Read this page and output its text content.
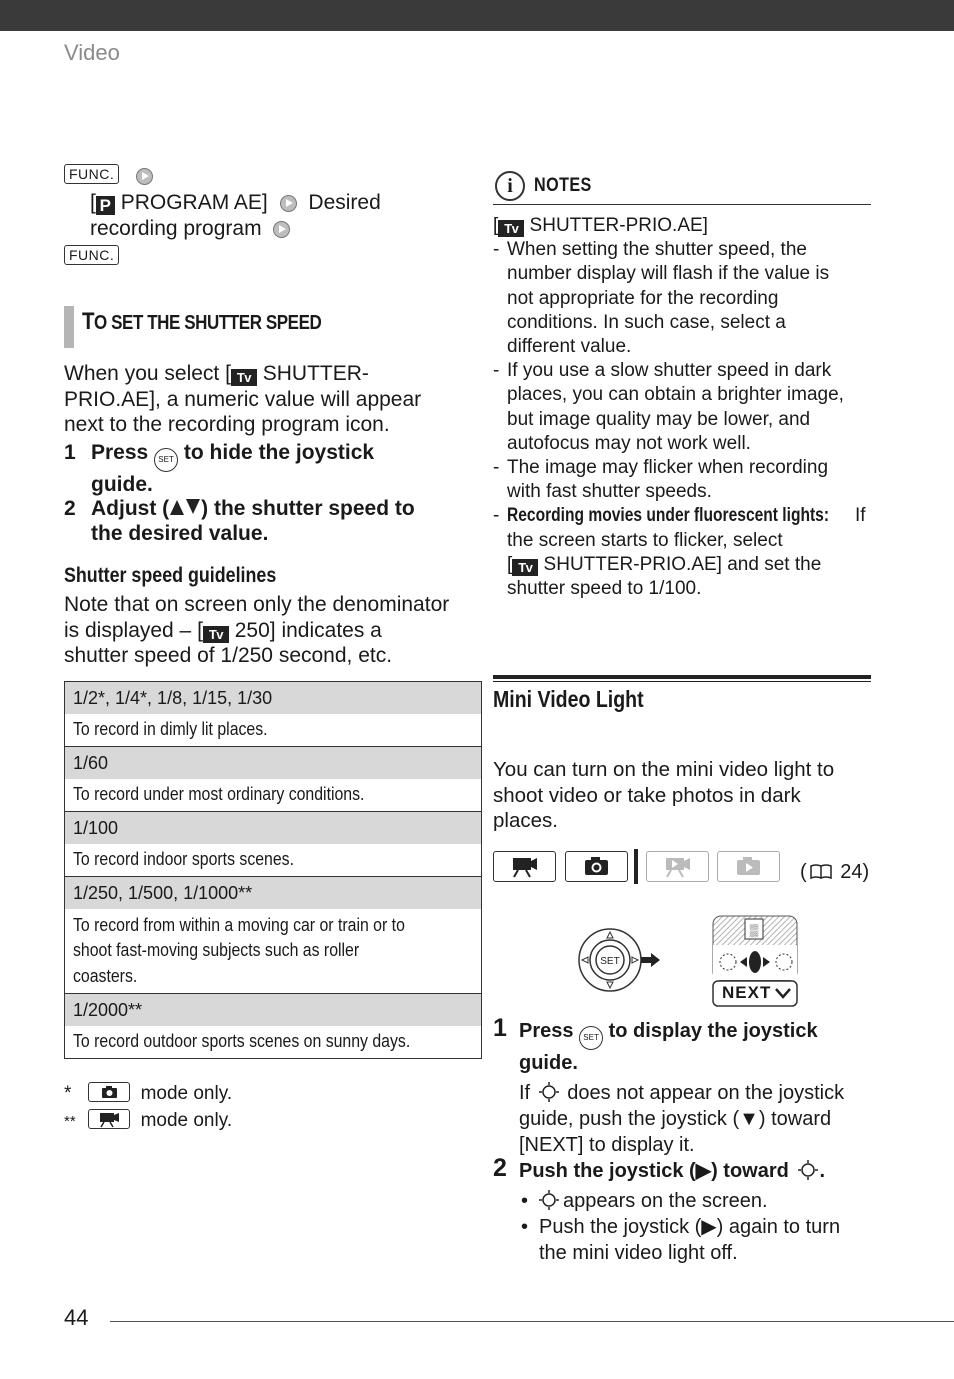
Video
FUNC.
[ P PROGRAM AE] Desired
recording program
FUNC.
TO SET THE SHUTTER SPEED
When you select [ Tv SHUTTER-
PRIO.AE], a numeric value will appear
next to the recording program icon.
1 Press SET to hide the joystick
guide.
2 Adjust ( ) the shutter speed to
the desired value.
Shutter speed guidelines
Note that on screen only the denominator
is displayed – [ Tv 250] indicates a
shutter speed of 1/250 second, etc.
1/2*, 1/4*, 1/8, 1/15, 1/30
To record in dimly lit places.
1/60
To record under most ordinary conditions.
1/100
To record indoor sports scenes.
1/250, 1/500, 1/1000**
To record from within a moving car or train or to shoot fast-moving subjects such as roller coasters.
1/2000**
To record outdoor sports scenes on sunny days.
*	mode only.
**	mode only.
i	NOTES
[ Tv SHUTTER-PRIO.AE]
- When setting the shutter speed, the
number display will flash if the value is
not appropriate for the recording
conditions. In such case, select a
different value.
- If you use a slow shutter speed in dark
places, you can obtain a brighter image,
but image quality may be lower, and
autofocus may not work well.
- The image may flicker when recording
with fast shutter speeds.
- Recording movies under fluorescent lights: If
the screen starts to flicker, select
[ Tv SHUTTER-PRIO.AE] and set the
shutter speed to 1/100.
Mini Video Light
You can turn on the mini video light to
shoot video or take photos in dark
places.
( 24)
SET
▒
NEXT
1 Press SET to display the joystick
guide.
If does not appear on the joystick
guide, push the joystick (▼) toward
[NEXT] to display it.
2 Push the joystick (▶) toward .
• appears on the screen.
• Push the joystick (▶) again to turn
the mini video light off.
44
